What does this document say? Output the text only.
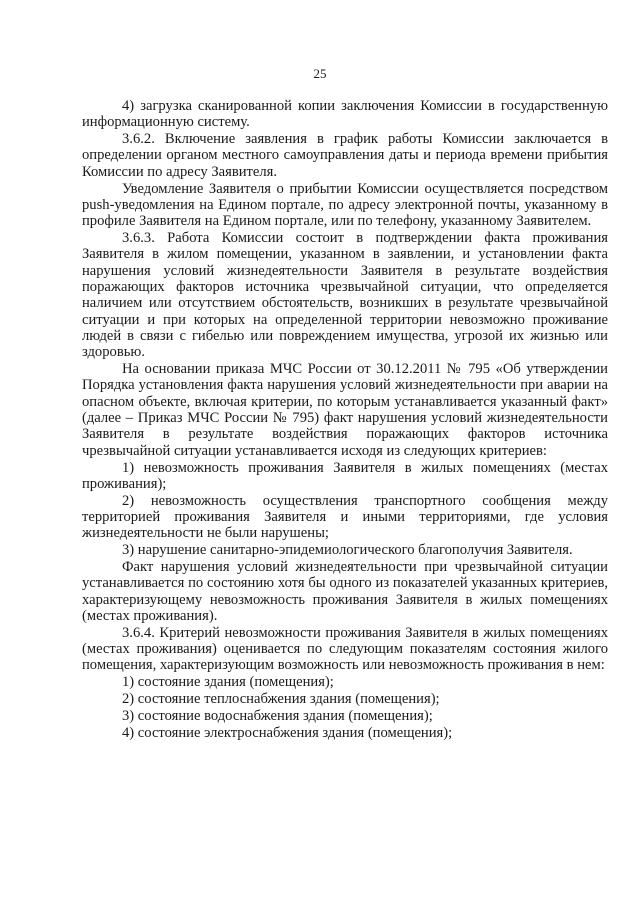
25

4) загрузка сканированной копии заключения Комиссии в государственную информационную систему.

3.6.2. Включение заявления в график работы Комиссии заключается в определении органом местного самоуправления даты и периода времени прибытия Комиссии по адресу Заявителя.

Уведомление Заявителя о прибытии Комиссии осуществляется посредством push-уведомления на Едином портале, по адресу электронной почты, указанному в профиле Заявителя на Едином портале, или по телефону, указанному Заявителем.

3.6.3. Работа Комиссии состоит в подтверждении факта проживания Заявителя в жилом помещении, указанном в заявлении, и установлении факта нарушения условий жизнедеятельности Заявителя в результате воздействия поражающих факторов источника чрезвычайной ситуации, что определяется наличием или отсутствием обстоятельств, возникших в результате чрезвычайной ситуации и при которых на определенной территории невозможно проживание людей в связи с гибелью или повреждением имущества, угрозой их жизнью или здоровью.

На основании приказа МЧС России от 30.12.2011 № 795 «Об утверждении Порядка установления факта нарушения условий жизнедеятельности при аварии на опасном объекте, включая критерии, по которым устанавливается указанный факт» (далее – Приказ МЧС России № 795) факт нарушения условий жизнедеятельности Заявителя в результате воздействия поражающих факторов источника чрезвычайной ситуации устанавливается исходя из следующих критериев:

1) невозможность проживания Заявителя в жилых помещениях (местах проживания);

2) невозможность осуществления транспортного сообщения между территорией проживания Заявителя и иными территориями, где условия жизнедеятельности не были нарушены;

3) нарушение санитарно-эпидемиологического благополучия Заявителя.

Факт нарушения условий жизнедеятельности при чрезвычайной ситуации устанавливается по состоянию хотя бы одного из показателей указанных критериев, характеризующему невозможность проживания Заявителя в жилых помещениях (местах проживания).

3.6.4. Критерий невозможности проживания Заявителя в жилых помещениях (местах проживания) оценивается по следующим показателям состояния жилого помещения, характеризующим возможность или невозможность проживания в нем:

1) состояние здания (помещения);

2) состояние теплоснабжения здания (помещения);

3) состояние водоснабжения здания (помещения);

4) состояние электроснабжения здания (помещения);
